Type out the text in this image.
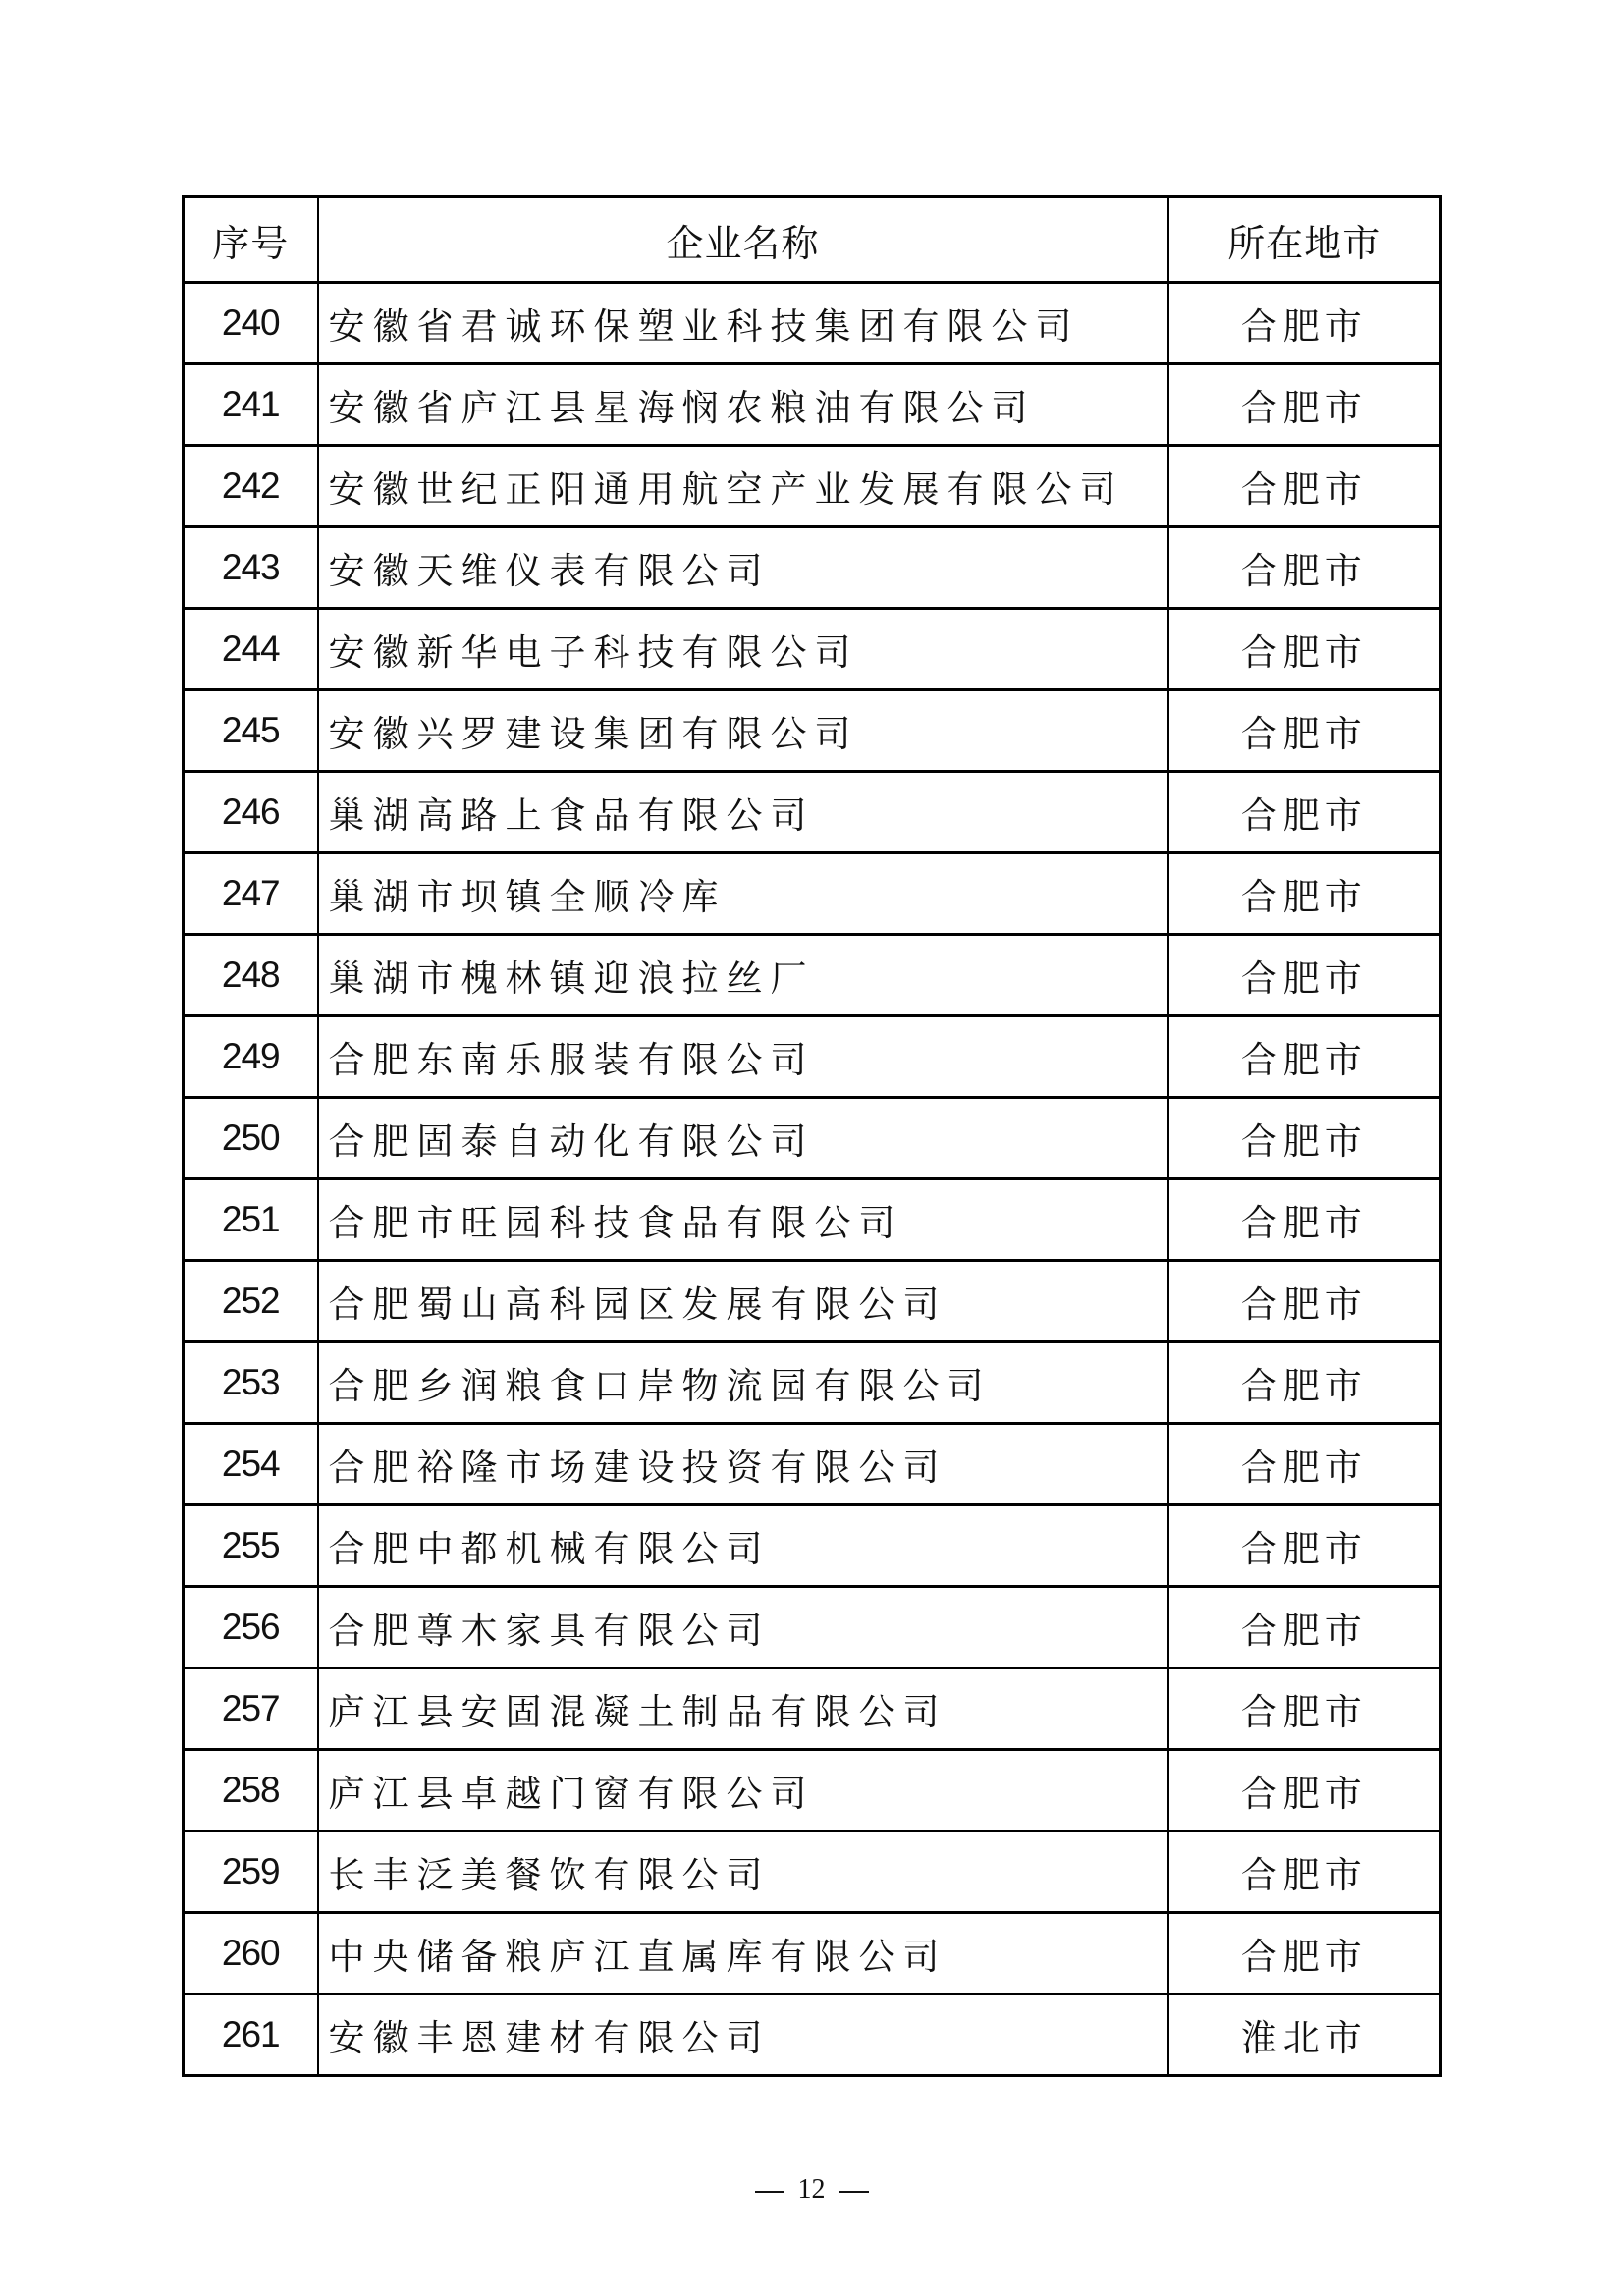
序号	企业名称	所在地市
240	安徽省君诚环保塑业科技集团有限公司	合肥市
241	安徽省庐江县星海悯农粮油有限公司	合肥市
242	安徽世纪正阳通用航空产业发展有限公司	合肥市
243	安徽天维仪表有限公司	合肥市
244	安徽新华电子科技有限公司	合肥市
245	安徽兴罗建设集团有限公司	合肥市
246	巢湖高路上食品有限公司	合肥市
247	巢湖市坝镇全顺冷库	合肥市
248	巢湖市槐林镇迎浪拉丝厂	合肥市
249	合肥东南乐服装有限公司	合肥市
250	合肥固泰自动化有限公司	合肥市
251	合肥市旺园科技食品有限公司	合肥市
252	合肥蜀山高科园区发展有限公司	合肥市
253	合肥乡润粮食口岸物流园有限公司	合肥市
254	合肥裕隆市场建设投资有限公司	合肥市
255	合肥中都机械有限公司	合肥市
256	合肥尊木家具有限公司	合肥市
257	庐江县安固混凝土制品有限公司	合肥市
258	庐江县卓越门窗有限公司	合肥市
259	长丰泛美餐饮有限公司	合肥市
260	中央储备粮庐江直属库有限公司	合肥市
261	安徽丰恩建材有限公司	淮北市
12
